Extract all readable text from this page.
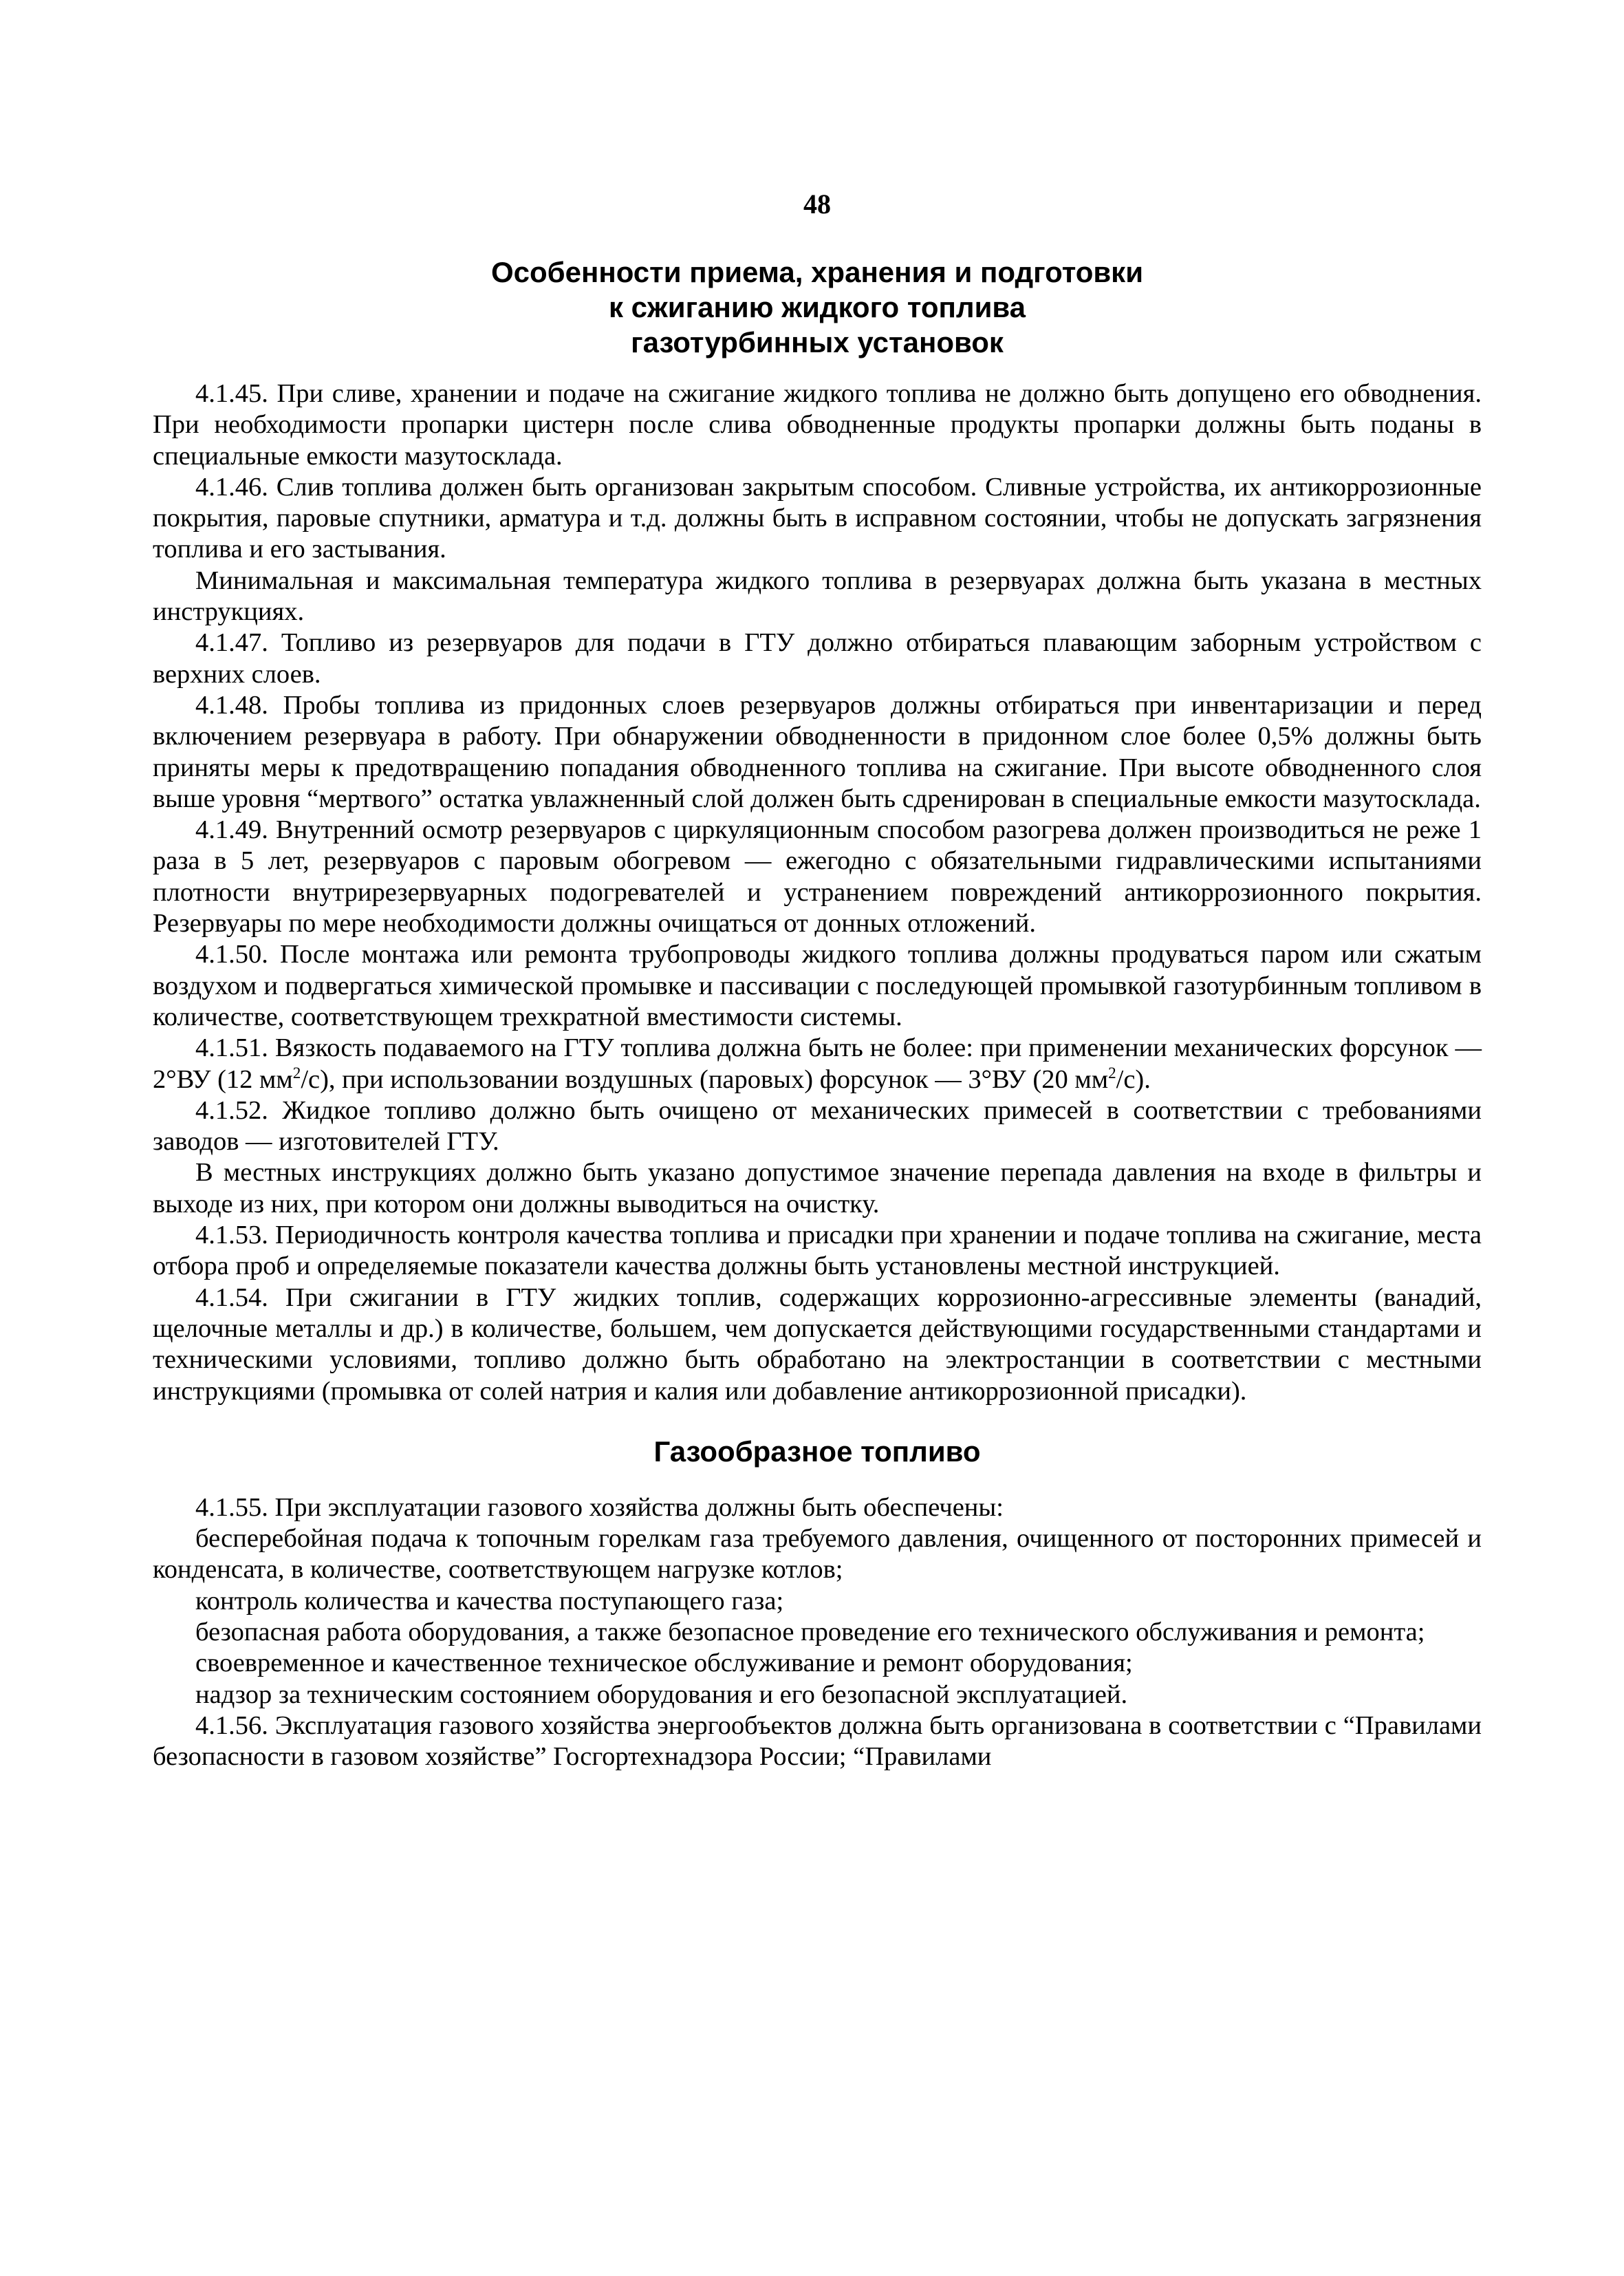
48
Особенности приема, хранения и подготовки
к сжиганию жидкого топлива
газотурбинных установок

4.1.45. При сливе, хранении и подаче на сжигание жидкого топлива не должно быть допущено его обводнения. При необходимости пропарки цистерн после слива обводненные продукты пропарки должны быть поданы в специальные емкости мазутосклада.

4.1.46. Слив топлива должен быть организован закрытым способом. Сливные устройства, их антикоррозионные покрытия, паровые спутники, арматура и т.д. должны быть в исправном состоянии, чтобы не допускать загрязнения топлива и его застывания.

Минимальная и максимальная температура жидкого топлива в резервуарах должна быть указана в местных инструкциях.

4.1.47. Топливо из резервуаров для подачи в ГТУ должно отбираться плавающим заборным устройством с верхних слоев.

4.1.48. Пробы топлива из придонных слоев резервуаров должны отбираться при инвентаризации и перед включением резервуара в работу. При обнаружении обводненности в придонном слое более 0,5% должны быть приняты меры к предотвращению попадания обводненного топлива на сжигание. При высоте обводненного слоя выше уровня “мертвого” остатка увлажненный слой должен быть сдренирован в специальные емкости мазутосклада.

4.1.49. Внутренний осмотр резервуаров с циркуляционным способом разогрева должен производиться не реже 1 раза в 5 лет, резервуаров с паровым обогревом — ежегодно с обязательными гидравлическими испытаниями плотности внутрирезервуарных подогревателей и устранением повреждений антикоррозионного покрытия. Резервуары по мере необходимости должны очищаться от донных отложений.

4.1.50. После монтажа или ремонта трубопроводы жидкого топлива должны продуваться паром или сжатым воздухом и подвергаться химической промывке и пассивации с последующей промывкой газотурбинным топливом в количестве, соответствующем трехкратной вместимости системы.

4.1.51. Вязкость подаваемого на ГТУ топлива должна быть не более: при применении механических форсунок — 2°ВУ (12 $мм^2/с$), при использовании воздушных (паровых) форсунок — 3°ВУ (20 $мм^2/с$).

4.1.52. Жидкое топливо должно быть очищено от механических примесей в соответствии с требованиями заводов — изготовителей ГТУ.

В местных инструкциях должно быть указано допустимое значение перепада давления на входе в фильтры и выходе из них, при котором они должны выводиться на очистку.

4.1.53. Периодичность контроля качества топлива и присадки при хранении и подаче топлива на сжигание, места отбора проб и определяемые показатели качества должны быть установлены местной инструкцией.

4.1.54. При сжигании в ГТУ жидких топлив, содержащих коррозионно-агрессивные элементы (ванадий, щелочные металлы и др.) в количестве, большем, чем допускается действующими государственными стандартами и техническими условиями, топливо должно быть обработано на электростанции в соответствии с местными инструкциями (промывка от солей натрия и калия или добавление антикоррозионной присадки).

Газообразное топливо

4.1.55. При эксплуатации газового хозяйства должны быть обеспечены:

бесперебойная подача к топочным горелкам газа требуемого давления, очищенного от посторонних примесей и конденсата, в количестве, соответствующем нагрузке котлов;

контроль количества и качества поступающего газа;

безопасная работа оборудования, а также безопасное проведение его технического обслуживания и ремонта;

своевременное и качественное техническое обслуживание и ремонт оборудования;

надзор за техническим состоянием оборудования и его безопасной эксплуатацией.

4.1.56. Эксплуатация газового хозяйства энергообъектов должна быть организована в соответствии с “Правилами безопасности в газовом хозяйстве” Госгортехнадзора России; “Правилами
